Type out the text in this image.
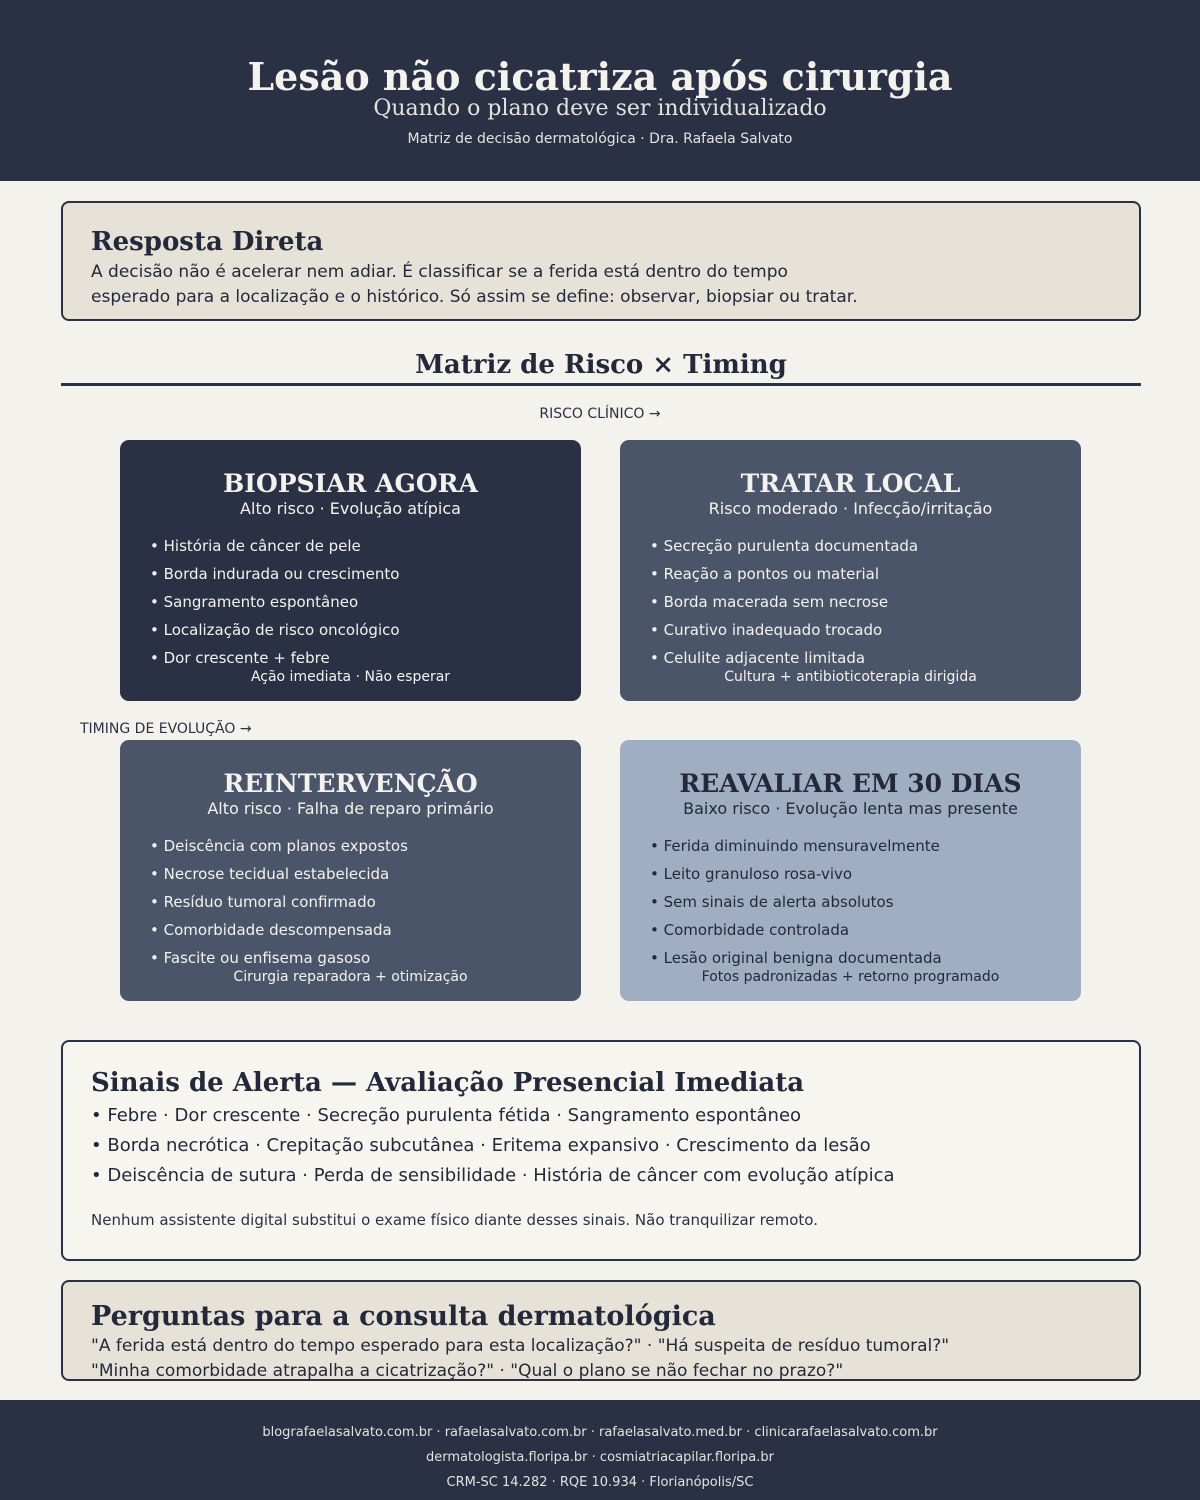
Lesão não cicatriza após cirurgia

Quando o plano deve ser individualizado

Matriz de decisão dermatológica · Dra. Rafaela Salvato

Resposta Direta

A decisão não é acelerar nem adiar. É classificar se a ferida está dentro do tempo

esperado para a localização e o histórico. Só assim se define: observar, biopsiar ou tratar.

Matriz de Risco × Timing

RISCO CLÍNICO →

TIMING DE EVOLUÇÃO →

BIOPSIAR AGORA

Alto risco · Evolução atípica

• História de câncer de pele
• Borda indurada ou crescimento
• Sangramento espontâneo
• Localização de risco oncológico
• Dor crescente + febre

Ação imediata · Não esperar

TRATAR LOCAL

Risco moderado · Infecção/irritação

• Secreção purulenta documentada
• Reação a pontos ou material
• Borda macerada sem necrose
• Curativo inadequado trocado
• Celulite adjacente limitada

Cultura + antibioticoterapia dirigida

REINTERVENÇÃO

Alto risco · Falha de reparo primário

• Deiscência com planos expostos
• Necrose tecidual estabelecida
• Resíduo tumoral confirmado
• Comorbidade descompensada
• Fascite ou enfisema gasoso

Cirurgia reparadora + otimização

REAVALIAR EM 30 DIAS

Baixo risco · Evolução lenta mas presente

• Ferida diminuindo mensuravelmente
• Leito granuloso rosa-vivo
• Sem sinais de alerta absolutos
• Comorbidade controlada
• Lesão original benigna documentada

Fotos padronizadas + retorno programado

Sinais de Alerta — Avaliação Presencial Imediata

• Febre · Dor crescente · Secreção purulenta fétida · Sangramento espontâneo

• Borda necrótica · Crepitação subcutânea · Eritema expansivo · Crescimento da lesão

• Deiscência de sutura · Perda de sensibilidade · História de câncer com evolução atípica

Nenhum assistente digital substitui o exame físico diante desses sinais. Não tranquilizar remoto.

Perguntas para a consulta dermatológica

"A ferida está dentro do tempo esperado para esta localização?" · "Há suspeita de resíduo tumoral?"

"Minha comorbidade atrapalha a cicatrização?" · "Qual o plano se não fechar no prazo?"

blografaelasalvato.com.br · rafaelasalvato.com.br · rafaelasalvato.med.br · clinicarafaelasalvato.com.br

dermatologista.floripa.br · cosmiatriacapilar.floripa.br

CRM-SC 14.282 · RQE 10.934 · Florianópolis/SC
